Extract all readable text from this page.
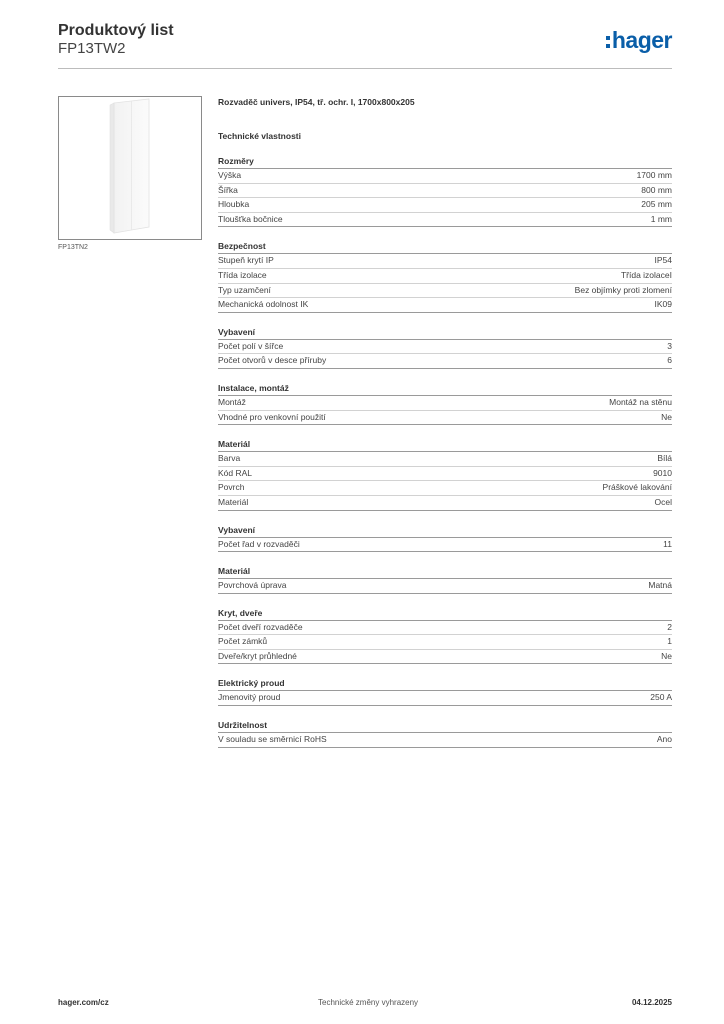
Produktový list
FP13TW2	hager
FP13TN2
Rozvaděč univers, IP54, tř. ochr. I, 1700x800x205
Technické vlastnosti
Rozměry
Výška	1700 mm
Šířka	800 mm
Hloubka	205 mm
Tloušťka bočnice	1 mm
Bezpečnost
Stupeň krytí IP	IP54
Třída izolace	Třída izolaceI
Typ uzamčení	Bez objímky proti zlomení
Mechanická odolnost IK	IK09
Vybavení
Počet polí v šířce	3
Počet otvorů v desce příruby	6
Instalace, montáž
Montáž	Montáž na stěnu
Vhodné pro venkovní použití	Ne
Materiál
Barva	Bílá
Kód RAL	9010
Povrch	Práškové lakování
Materiál	Ocel
Vybavení
Počet řad v rozvaděči	11
Materiál
Povrchová úprava	Matná
Kryt, dveře
Počet dveří rozvaděče	2
Počet zámků	1
Dveře/kryt průhledné	Ne
Elektrický proud
Jmenovitý proud	250 A
Udržitelnost
V souladu se směrnicí RoHS	Ano
hager.com/cz	Technické změny vyhrazeny	04.12.2025
